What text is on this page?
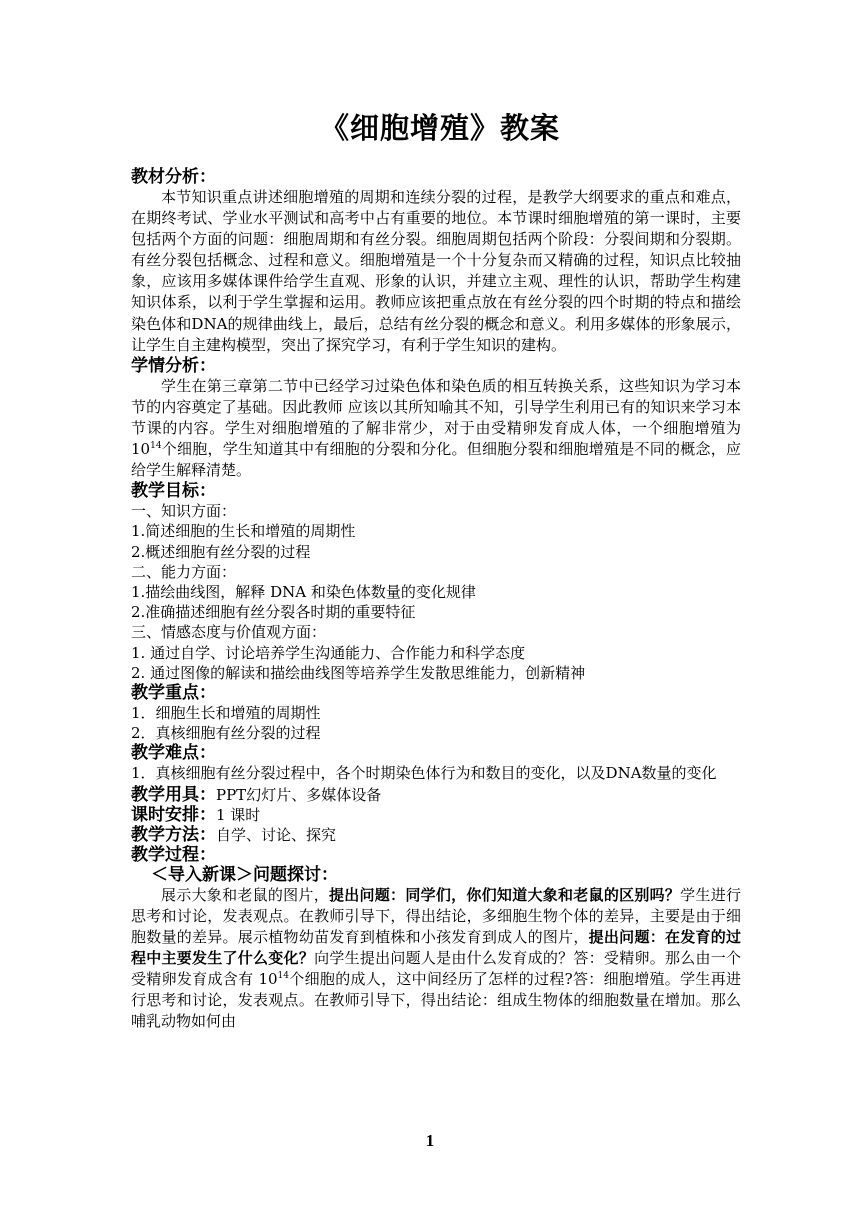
《细胞增殖》教案
教材分析：

本节知识重点讲述细胞增殖的周期和连续分裂的过程，是教学大纲要求的重点和难点，在期终考试、学业水平测试和高考中占有重要的地位。本节课时细胞增殖的第一课时，主要包括两个方面的问题：细胞周期和有丝分裂。细胞周期包括两个阶段：分裂间期和分裂期。有丝分裂包括概念、过程和意义。细胞增殖是一个十分复杂而又精确的过程，知识点比较抽象，应该用多媒体课件给学生直观、形象的认识，并建立主观、理性的认识，帮助学生构建知识体系，以利于学生掌握和运用。教师应该把重点放在有丝分裂的四个时期的特点和描绘染色体和DNA的规律曲线上，最后，总结有丝分裂的概念和意义。利用多媒体的形象展示，让学生自主建构模型，突出了探究学习，有利于学生知识的建构。

学情分析：

学生在第三章第二节中已经学习过染色体和染色质的相互转换关系，这些知识为学习本节的内容奠定了基础。因此教师 应该以其所知喻其不知，引导学生利用已有的知识来学习本节课的内容。学生对细胞增殖的了解非常少，对于由受精卵发育成人体，一个细胞增殖为 $10^{14}$个细胞，学生知道其中有细胞的分裂和分化。但细胞分裂和细胞增殖是不同的概念，应给学生解释清楚。

教学目标：
一、知识方面：
1.简述细胞的生长和增殖的周期性
2.概述细胞有丝分裂的过程
二、能力方面：
1.描绘曲线图，解释 DNA 和染色体数量的变化规律
2.准确描述细胞有丝分裂各时期的重要特征
三、情感态度与价值观方面：
1. 通过自学、讨论培养学生沟通能力、合作能力和科学态度
2. 通过图像的解读和描绘曲线图等培养学生发散思维能力，创新精神
教学重点：
1．细胞生长和增殖的周期性
2．真核细胞有丝分裂的过程
教学难点：

1．真核细胞有丝分裂过程中，各个时期染色体行为和数目的变化，以及DNA数量的变化

教学用具：PPT幻灯片、多媒体设备
课时安排：1 课时
教学方法：自学、讨论、探究
教学过程：
＜导入新课＞问题探讨：

展示大象和老鼠的图片，提出问题：同学们，你们知道大象和老鼠的区别吗？学生进行思考和讨论，发表观点。在教师引导下，得出结论，多细胞生物个体的差异，主要是由于细胞数量的差异。展示植物幼苗发育到植株和小孩发育到成人的图片，提出问题：在发育的过程中主要发生了什么变化？向学生提出问题人是由什么发育成的？答：受精卵。那么由一个受精卵发育成含有 $10^{14}$个细胞的成人，这中间经历了怎样的过程?答：细胞增殖。学生再进行思考和讨论，发表观点。在教师引导下，得出结论：组成生物体的细胞数量在增加。那么哺乳动物如何由

1
